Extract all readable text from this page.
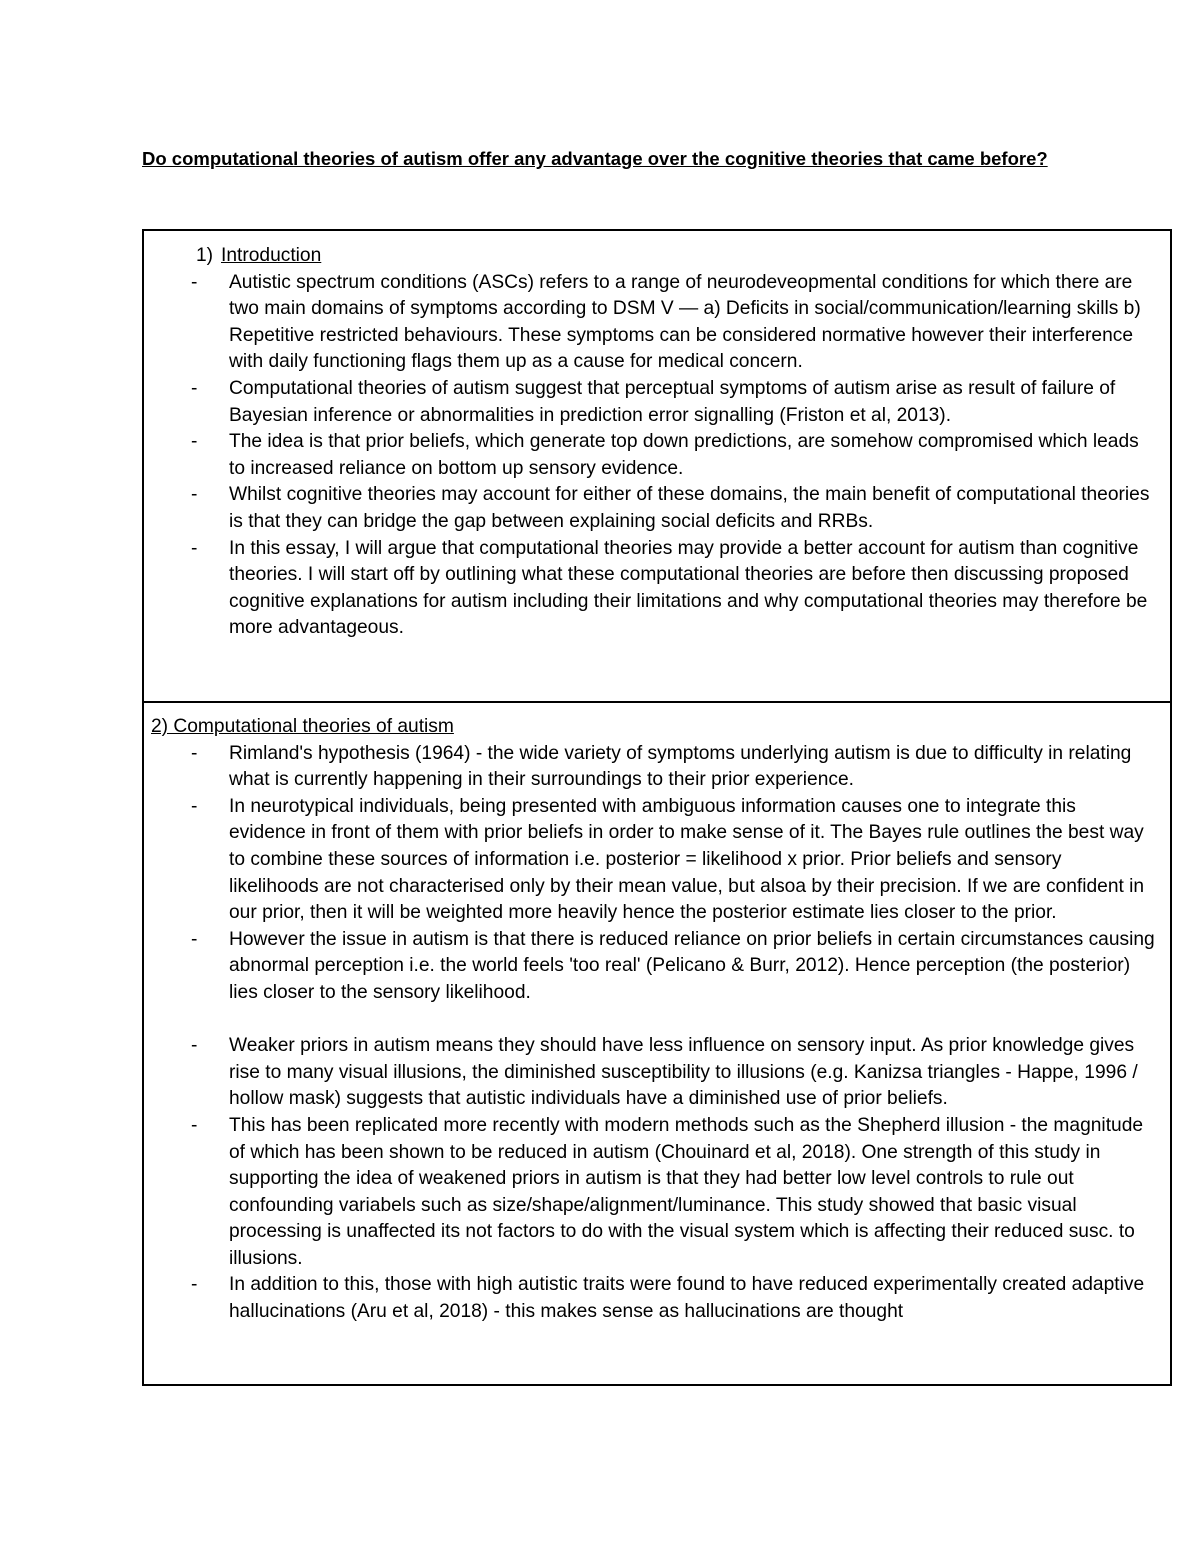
Do computational theories of autism offer any advantage over the cognitive theories that came before?
1) Introduction
-	Autistic spectrum conditions (ASCs) refers to a range of neurodeveopmental conditions for which there are two main domains of symptoms according to DSM V — a) Deficits in social/communication/learning skills b) Repetitive restricted behaviours. These symptoms can be considered normative however their interference with daily functioning flags them up as a cause for medical concern.
-	Computational theories of autism suggest that perceptual symptoms of autism arise as result of failure of Bayesian inference or abnormalities in prediction error signalling (Friston et al, 2013).
-	The idea is that prior beliefs, which generate top down predictions, are somehow compromised which leads to increased reliance on bottom up sensory evidence.
-	Whilst cognitive theories may account for either of these domains, the main benefit of computational theories is that they can bridge the gap between explaining social deficits and RRBs.
-	In this essay, I will argue that computational theories may provide a better account for autism than cognitive theories. I will start off by outlining what these computational theories are before then discussing proposed cognitive explanations for autism including their limitations and why computational theories may therefore be more advantageous.
2) Computational theories of autism
-	Rimland's hypothesis (1964) - the wide variety of symptoms underlying autism is due to difficulty in relating what is currently happening in their surroundings to their prior experience.
-	In neurotypical individuals, being presented with ambiguous information causes one to integrate this evidence in front of them with prior beliefs in order to make sense of it. The Bayes rule outlines the best way to combine these sources of information i.e. posterior = likelihood x prior. Prior beliefs and sensory likelihoods are not characterised only by their mean value, but alsoa by their precision. If we are confident in our prior, then it will be weighted more heavily hence the posterior estimate lies closer to the prior.
-	However the issue in autism is that there is reduced reliance on prior beliefs in certain circumstances causing abnormal perception i.e. the world feels 'too real' (Pelicano & Burr, 2012). Hence perception (the posterior) lies closer to the sensory likelihood.
-	Weaker priors in autism means they should have less influence on sensory input. As prior knowledge gives rise to many visual illusions, the diminished susceptibility to illusions (e.g. Kanizsa triangles - Happe, 1996 / hollow mask) suggests that autistic individuals have a diminished use of prior beliefs.
-	This has been replicated more recently with modern methods such as the Shepherd illusion - the magnitude of which has been shown to be reduced in autism (Chouinard et al, 2018). One strength of this study in supporting the idea of weakened priors in autism is that they had better low level controls to rule out confounding variabels such as size/shape/alignment/luminance. This study showed that basic visual processing is unaffected its not factors to do with the visual system which is affecting their reduced susc. to illusions.
-	In addition to this, those with high autistic traits were found to have reduced experimentally created adaptive hallucinations (Aru et al, 2018) - this makes sense as hallucinations are thought
